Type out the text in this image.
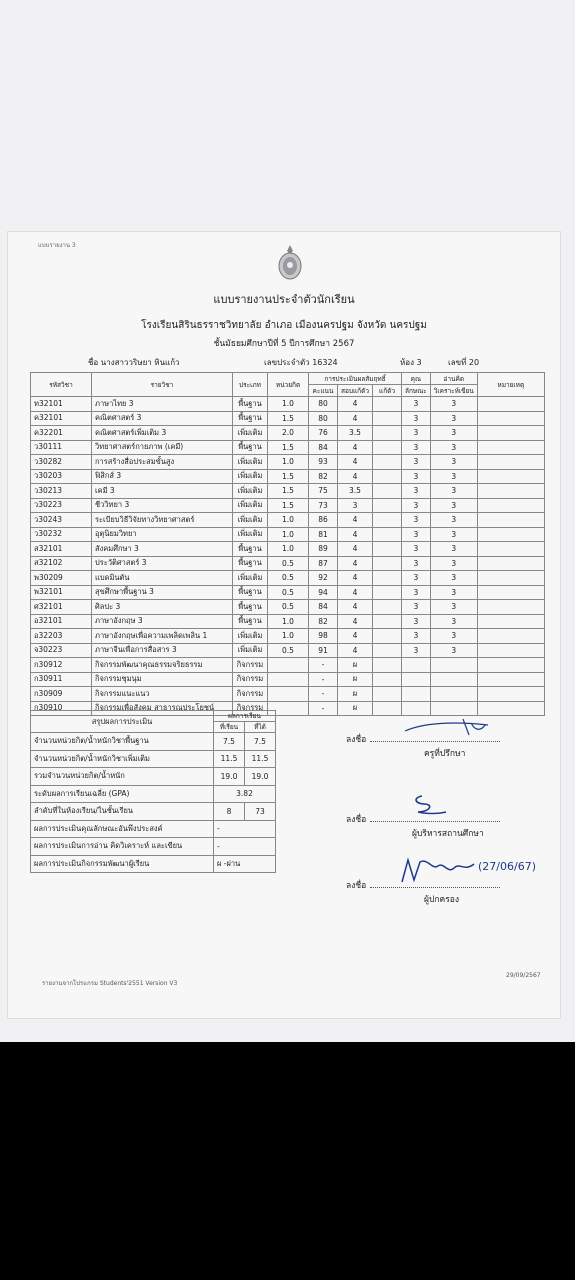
แบบรายงาน 3
แบบรายงานประจำตัวนักเรียน
โรงเรียนสิรินธรราชวิทยาลัย อำเภอ เมืองนครปฐม จังหวัด นครปฐม
ชั้นมัธยมศึกษาปีที่ 5 ปีการศึกษา 2567
ชื่อ นางสาววริษยา หินแก้ว	เลขประจำตัว 16324	ห้อง 3	เลขที่ 20
รหัสวิชา	รายวิชา	ประเภท	หน่วยกิต	การประเมินผลสัมฤทธิ์			คุณ	อ่านคิด	หมายเหตุ
				คะแนน	สอบแก้ตัว	แก้ตัว	ลักษณะ	วิเคราะห์เขียน	
ท32101	ภาษาไทย 3	พื้นฐาน	1.0	80	4		3	3	
ค32101	คณิตศาสตร์ 3	พื้นฐาน	1.5	80	4		3	3	
ค32201	คณิตศาสตร์เพิ่มเติม 3	เพิ่มเติม	2.0	76	3.5		3	3	
ว30111	วิทยาศาสตร์กายภาพ (เคมี)	พื้นฐาน	1.5	84	4		3	3	
ว30282	การสร้างสื่อประสมขั้นสูง	เพิ่มเติม	1.0	93	4		3	3	
ว30203	ฟิสิกส์ 3	เพิ่มเติม	1.5	82	4		3	3	
ว30213	เคมี 3	เพิ่มเติม	1.5	75	3.5		3	3	
ว30223	ชีววิทยา 3	เพิ่มเติม	1.5	73	3		3	3	
ว30243	ระเบียบวิธีวิจัยทางวิทยาศาสตร์	เพิ่มเติม	1.0	86	4		3	3	
ว30232	อุตุนิยมวิทยา	เพิ่มเติม	1.0	81	4		3	3	
ส32101	สังคมศึกษา 3	พื้นฐาน	1.0	89	4		3	3	
ส32102	ประวัติศาสตร์ 3	พื้นฐาน	0.5	87	4		3	3	
พ30209	แบดมินตัน	เพิ่มเติม	0.5	92	4		3	3	
พ32101	สุขศึกษาพื้นฐาน 3	พื้นฐาน	0.5	94	4		3	3	
ศ32101	ศิลปะ 3	พื้นฐาน	0.5	84	4		3	3	
อ32101	ภาษาอังกฤษ 3	พื้นฐาน	1.0	82	4		3	3	
อ32203	ภาษาอังกฤษเพื่อความเพลิดเพลิน 1	เพิ่มเติม	1.0	98	4		3	3	
จ30223	ภาษาจีนเพื่อการสื่อสาร 3	เพิ่มเติม	0.5	91	4		3	3	
ก30912	กิจกรรมพัฒนาคุณธรรมจริยธรรม	กิจกรรม		-	ผ				
ก30911	กิจกรรมชุมนุม	กิจกรรม		-	ผ				
ก30909	กิจกรรมแนะแนว	กิจกรรม		-	ผ				
ก30910	กิจกรรมเพื่อสังคม สาธารณประโยชน์	กิจกรรม		-	ผ				
สรุปผลการประเมิน	ผลการเรียน	
	ที่เรียน	ที่ได้
จำนวนหน่วยกิต/น้ำหนักวิชาพื้นฐาน	7.5	7.5
จำนวนหน่วยกิต/น้ำหนักวิชาเพิ่มเติม	11.5	11.5
รวมจำนวนหน่วยกิต/น้ำหนัก	19.0	19.0
ระดับผลการเรียนเฉลี่ย (GPA)	3.82	
ลำดับที่ในห้องเรียน/ในชั้นเรียน	8	73
ผลการประเมินคุณลักษณะอันพึงประสงค์	-	
ผลการประเมินการอ่าน คิดวิเคราะห์ และเขียน	-	
ผลการประเมินกิจกรรมพัฒนาผู้เรียน	ผ -ผ่าน	
ลงชื่อ
ครูที่ปรึกษา
ลงชื่อ
ผู้บริหารสถานศึกษา
ลงชื่อ
(27/06/67)
ผู้ปกครอง
รายงานจากโปรแกรม Students'2551 Version V3
29/09/2567
